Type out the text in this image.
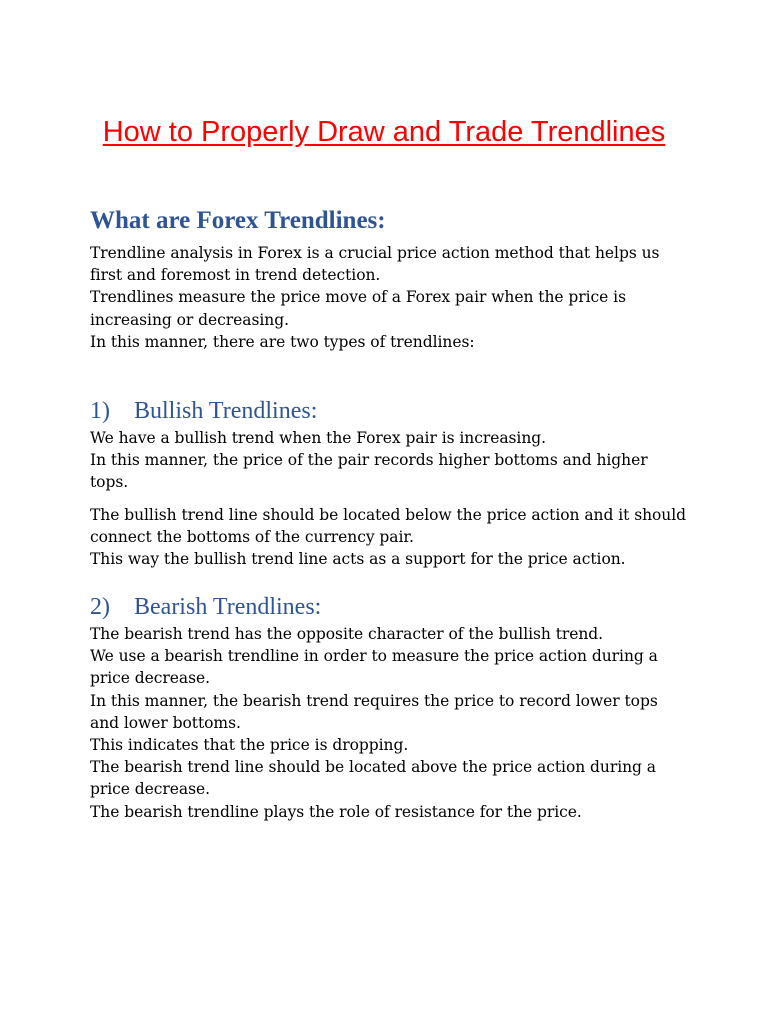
How to Properly Draw and Trade Trendlines
What are Forex Trendlines:
Trendline analysis in Forex is a crucial price action method that helps us
first and foremost in trend detection.
Trendlines measure the price move of a Forex pair when the price is
increasing or decreasing.
In this manner, there are two types of trendlines:
1) Bullish Trendlines:
We have a bullish trend when the Forex pair is increasing.
In this manner, the price of the pair records higher bottoms and higher
tops.
The bullish trend line should be located below the price action and it should
connect the bottoms of the currency pair.
This way the bullish trend line acts as a support for the price action.
2) Bearish Trendlines:
The bearish trend has the opposite character of the bullish trend.
We use a bearish trendline in order to measure the price action during a
price decrease.
In this manner, the bearish trend requires the price to record lower tops
and lower bottoms.
This indicates that the price is dropping.
The bearish trend line should be located above the price action during a
price decrease.
The bearish trendline plays the role of resistance for the price.
